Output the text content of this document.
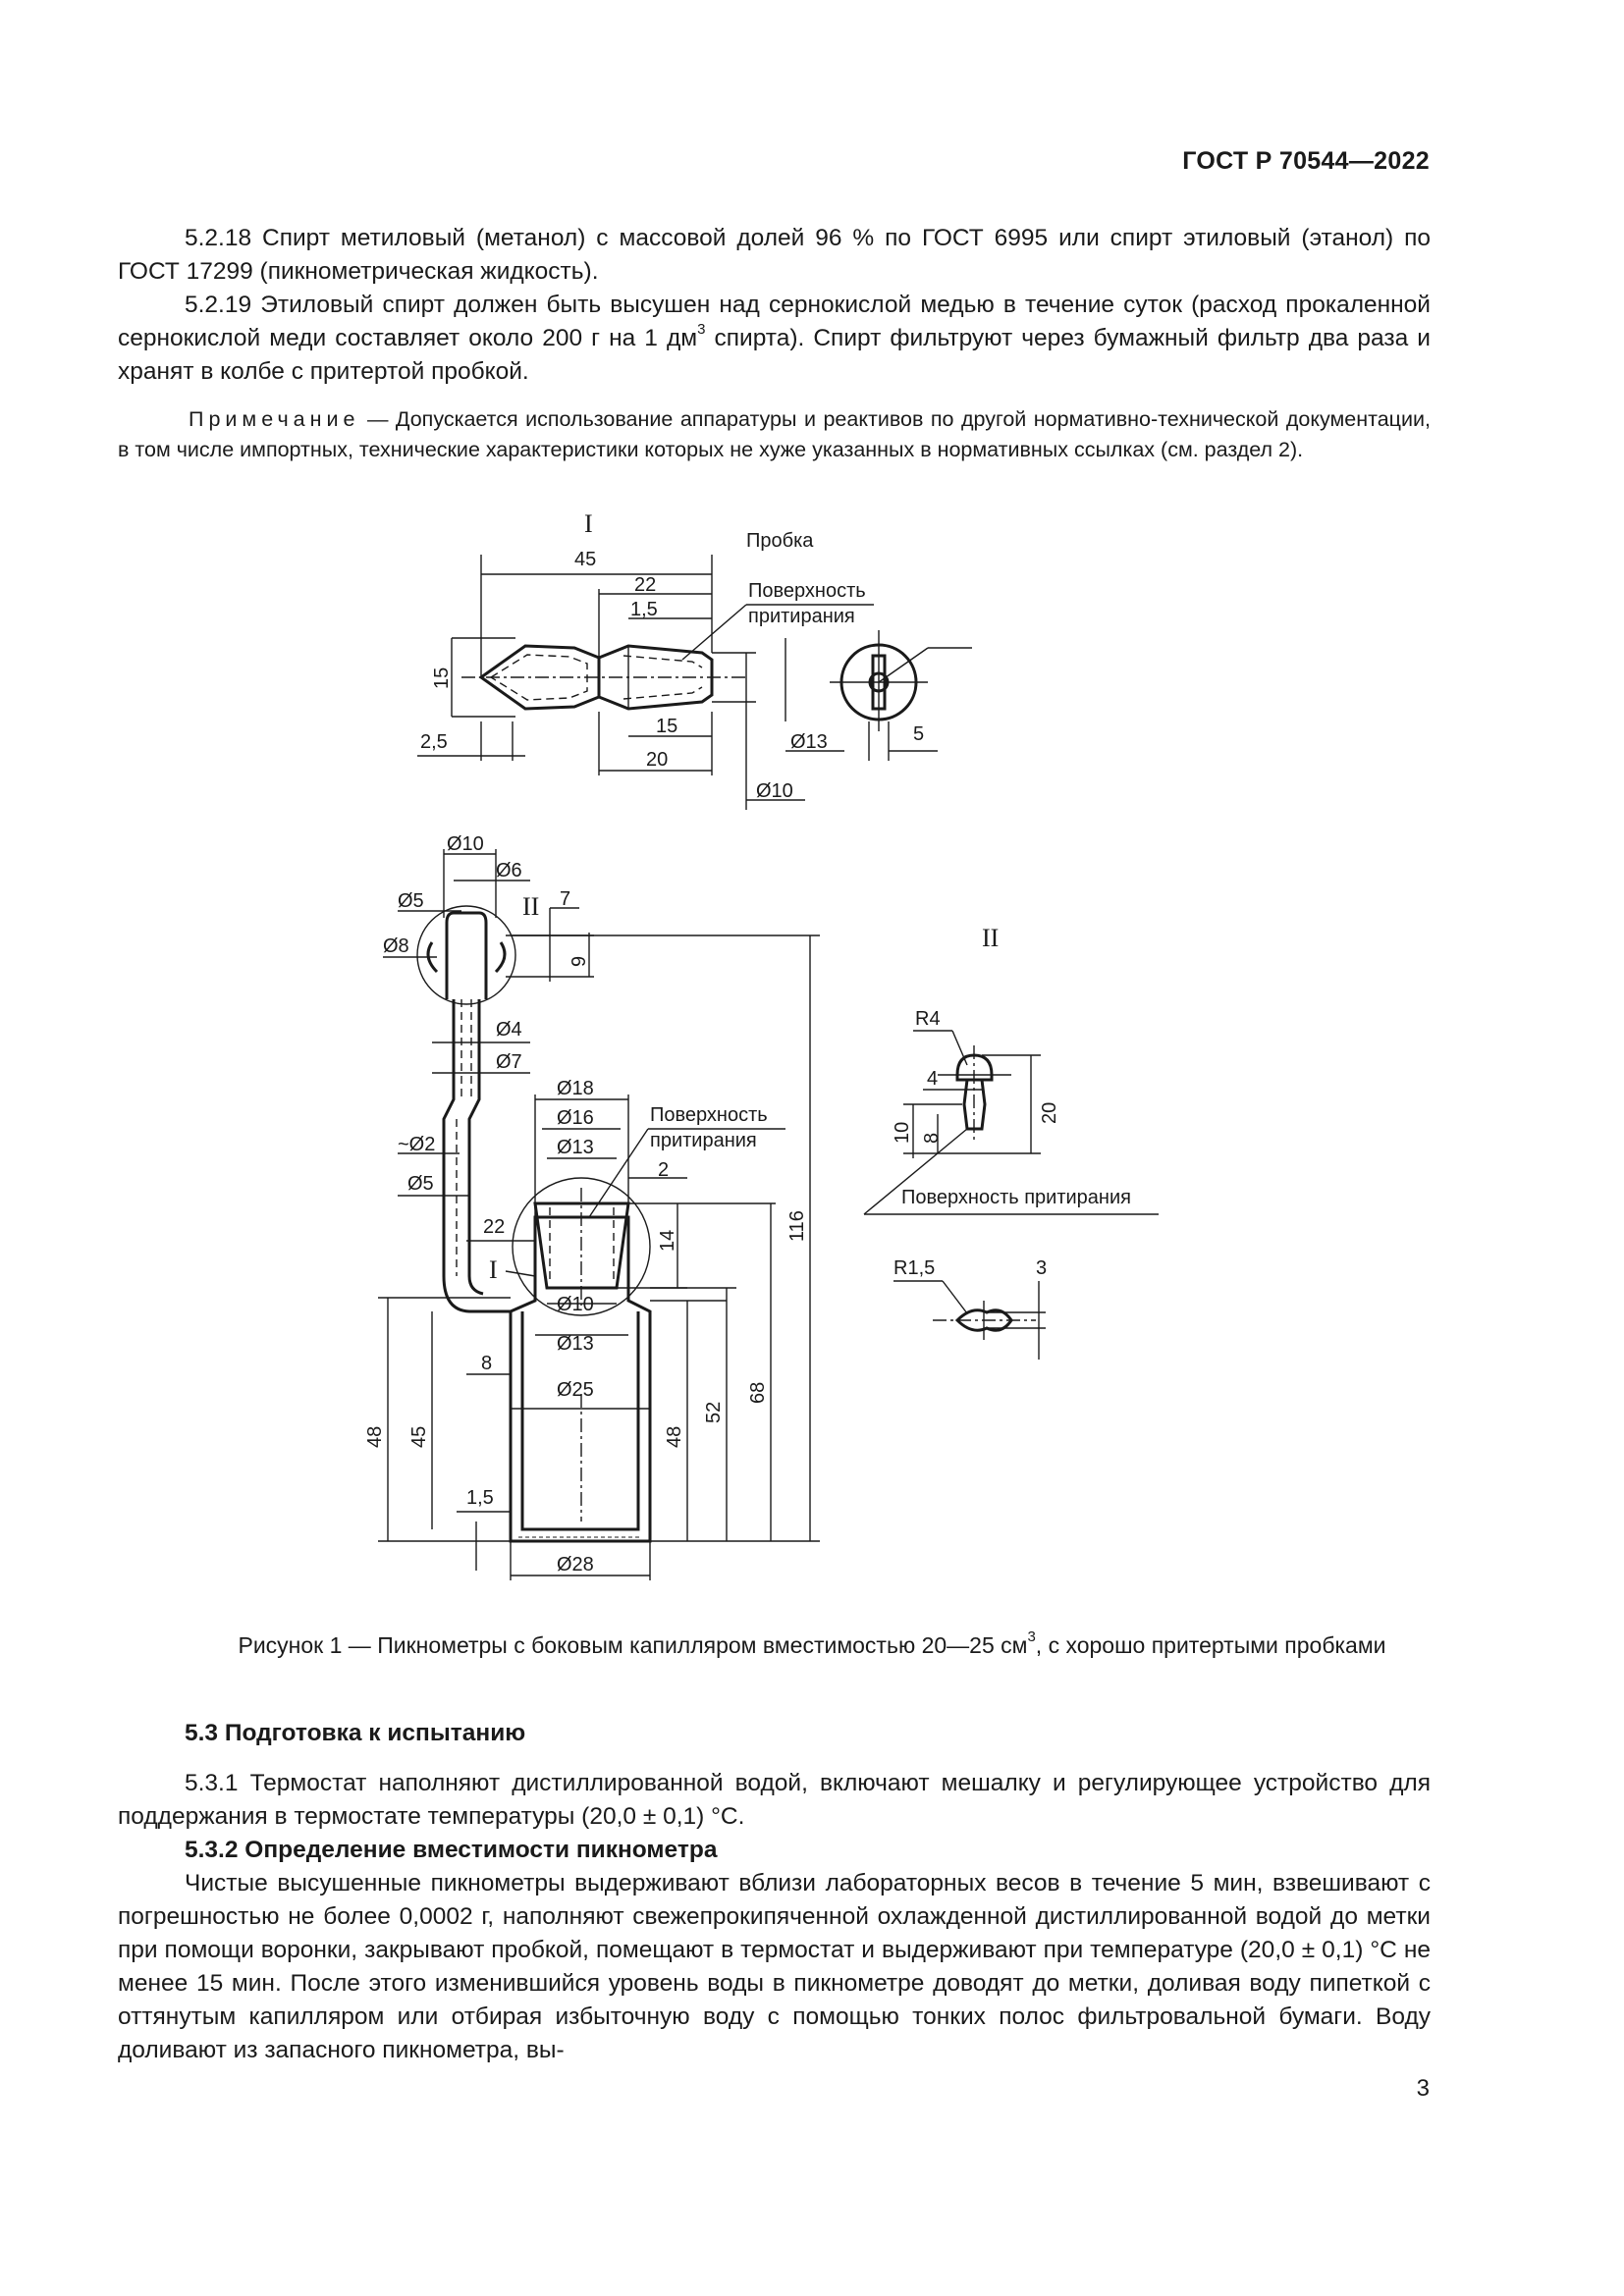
ГОСТ Р 70544—2022

5.2.18 Спирт метиловый (метанол) с массовой долей 96 % по ГОСТ 6995 или спирт этиловый (этанол) по ГОСТ 17299 (пикнометрическая жидкость).

5.2.19 Этиловый спирт должен быть высушен над сернокислой медью в течение суток (расход прокаленной сернокислой меди составляет около 200 г на 1 $дм^3$ спирта). Спирт фильтруют через бумажный фильтр два раза и хранят в колбе с притертой пробкой.

Примечание — Допускается использование аппаратуры и реактивов по другой нормативно-технической документации, в том числе импортных, технические характеристики которых не хуже указанных в нормативных ссылках (см. раздел 2).

I
Пробка
Поверхность
притирания
45
22
1,5
15
2,5
15
20
Ø13
Ø10
5
II
I
Ø10
Ø6
Ø5
Ø8
7
9
Ø4
Ø7
~Ø2
Ø5
22
Ø18
Ø16
Ø13
Поверхность
притирания
2
14
Ø10
Ø13
8
Ø25
48 45
1,5
Ø28
48
52
68
116
II
R4
4
20
10 8
Поверхность притирания
R1,5	3
Рисунок 1 — Пикнометры с боковым капилляром вместимостью 20—25 $см^3$, с хорошо притертыми пробками
5.3 Подготовка к испытанию

5.3.1 Термостат наполняют дистиллированной водой, включают мешалку и регулирующее устройство для поддержания в термостате температуры (20,0 ± 0,1) °С.

5.3.2 Определение вместимости пикнометра

Чистые высушенные пикнометры выдерживают вблизи лабораторных весов в течение 5 мин, взвешивают с погрешностью не более 0,0002 г, наполняют свежепрокипяченной охлажденной дистиллированной водой до метки при помощи воронки, закрывают пробкой, помещают в термостат и выдерживают при температуре (20,0 ± 0,1) °С не менее 15 мин. После этого изменившийся уровень воды в пикнометре доводят до метки, доливая воду пипеткой с оттянутым капилляром или отбирая избыточную воду с помощью тонких полос фильтровальной бумаги. Воду доливают из запасного пикнометра, вы-

3
